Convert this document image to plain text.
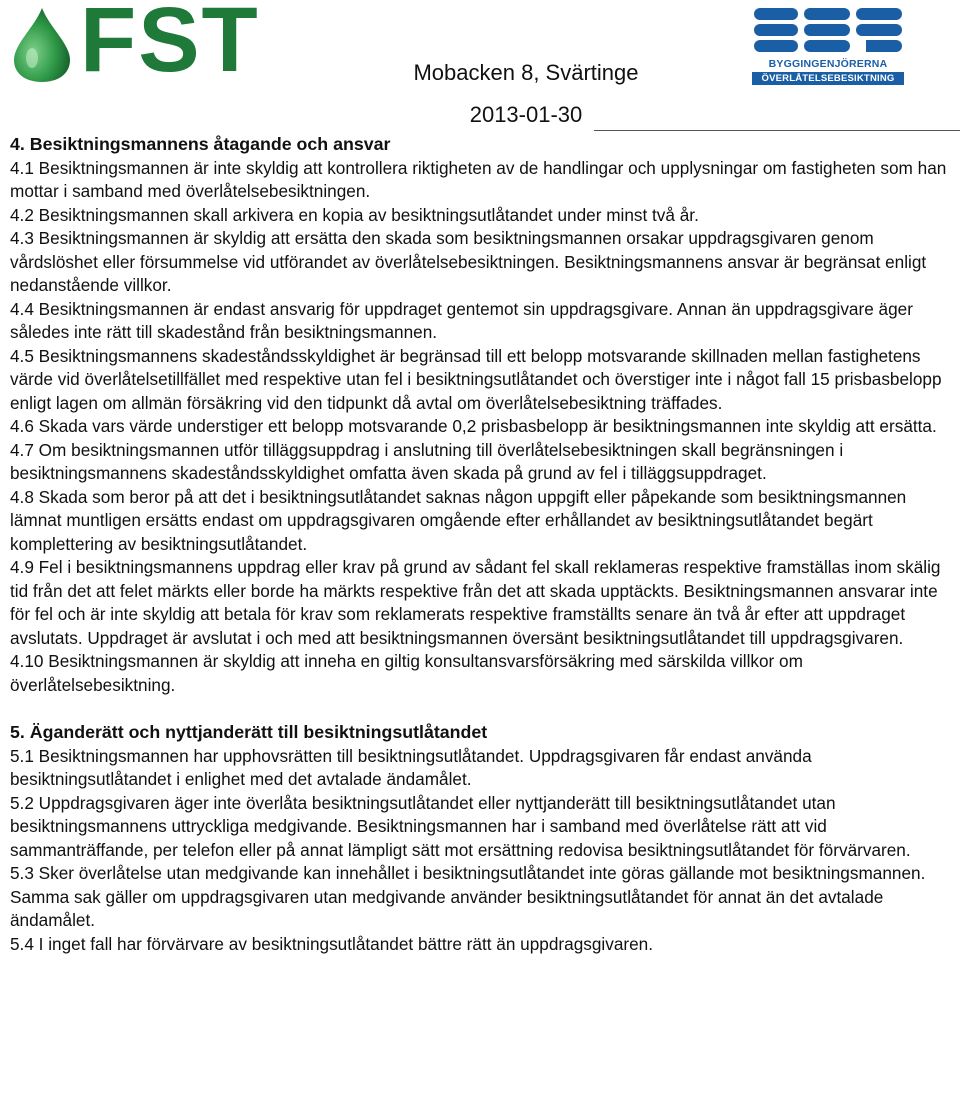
FST	Mobacken 8, Svärtinge
2013-01-30
BYGGINGENJÖRERNA
ÖVERLÅTELSEBESIKTNING
4. Besiktningsmannens åtagande och ansvar

4.1 Besiktningsmannen är inte skyldig att kontrollera riktigheten av de handlingar och upplysningar om fastigheten som han mottar i samband med överlåtelsebesiktningen.

4.2 Besiktningsmannen skall arkivera en kopia av besiktningsutlåtandet under minst två år.

4.3 Besiktningsmannen är skyldig att ersätta den skada som besiktningsmannen orsakar uppdragsgivaren genom vårdslöshet eller försummelse vid utförandet av överlåtelsebesiktningen. Besiktningsmannens ansvar är begränsat enligt nedanstående villkor.

4.4 Besiktningsmannen är endast ansvarig för uppdraget gentemot sin uppdragsgivare. Annan än uppdragsgivare äger således inte rätt till skadestånd från besiktningsmannen.

4.5 Besiktningsmannens skadeståndsskyldighet är begränsad till ett belopp motsvarande skillnaden mellan fastighetens värde vid överlåtelsetillfället med respektive utan fel i besiktningsutlåtandet och överstiger inte i något fall 15 prisbasbelopp enligt lagen om allmän försäkring vid den tidpunkt då avtal om överlåtelsebesiktning träffades.

4.6 Skada vars värde understiger ett belopp motsvarande 0,2 prisbasbelopp är besiktningsmannen inte skyldig att ersätta.

4.7 Om besiktningsmannen utför tilläggsuppdrag i anslutning till överlåtelsebesiktningen skall begränsningen i besiktningsmannens skadeståndsskyldighet omfatta även skada på grund av fel i tilläggsuppdraget.

4.8 Skada som beror på att det i besiktningsutlåtandet saknas någon uppgift eller påpekande som besiktningsmannen lämnat muntligen ersätts endast om uppdragsgivaren omgående efter erhållandet av besiktningsutlåtandet begärt komplettering av besiktningsutlåtandet.

4.9 Fel i besiktningsmannens uppdrag eller krav på grund av sådant fel skall reklameras respektive framställas inom skälig tid från det att felet märkts eller borde ha märkts respektive från det att skada upptäckts. Besiktningsmannen ansvarar inte för fel och är inte skyldig att betala för krav som reklamerats respektive framställts senare än två år efter att uppdraget avslutats. Uppdraget är avslutat i och med att besiktningsmannen översänt besiktningsutlåtandet till uppdragsgivaren.

4.10 Besiktningsmannen är skyldig att inneha en giltig konsultansvarsförsäkring med särskilda villkor om överlåtelsebesiktning.

5. Äganderätt och nyttjanderätt till besiktningsutlåtandet

5.1 Besiktningsmannen har upphovsrätten till besiktningsutlåtandet. Uppdragsgivaren får endast använda besiktningsutlåtandet i enlighet med det avtalade ändamålet.

5.2 Uppdragsgivaren äger inte överlåta besiktningsutlåtandet eller nyttjanderätt till besiktningsutlåtandet utan besiktningsmannens uttryckliga medgivande. Besiktningsmannen har i samband med överlåtelse rätt att vid sammanträffande, per telefon eller på annat lämpligt sätt mot ersättning redovisa besiktningsutlåtandet för förvärvaren.

5.3 Sker överlåtelse utan medgivande kan innehållet i besiktningsutlåtandet inte göras gällande mot besiktningsmannen. Samma sak gäller om uppdragsgivaren utan medgivande använder besiktningsutlåtandet för annat än det avtalade ändamålet.

5.4 I inget fall har förvärvare av besiktningsutlåtandet bättre rätt än uppdragsgivaren.
